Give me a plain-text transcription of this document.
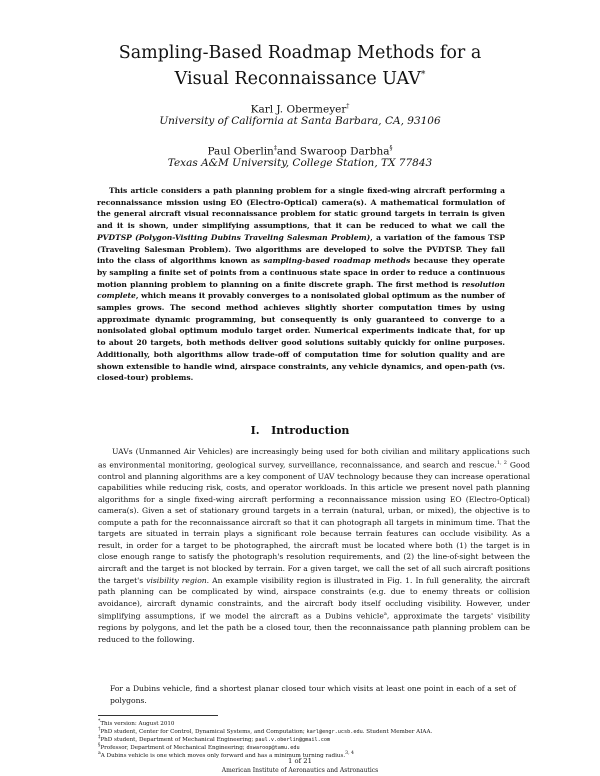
Sampling-Based Roadmap Methods for a
Visual Reconnaissance UAV*
Karl J. Obermeyer†
University of California at Santa Barbara, CA, 93106
Paul Oberlin‡and Swaroop Darbha§
Texas A&M University, College Station, TX 77843
This article considers a path planning problem for a single fixed-wing aircraft performing a reconnaissance mission using EO (Electro-Optical) camera(s). A mathematical formulation of the general aircraft visual reconnaissance problem for static ground targets in terrain is given and it is shown, under simplifying assumptions, that it can be reduced to what we call the PVDTSP (Polygon-Visiting Dubins Traveling Salesman Problem), a variation of the famous TSP (Traveling Salesman Problem). Two algorithms are developed to solve the PVDTSP. They fall into the class of algorithms known as sampling-based roadmap methods because they operate by sampling a finite set of points from a continuous state space in order to reduce a continuous motion planning problem to planning on a finite discrete graph. The first method is resolution complete, which means it provably converges to a nonisolated global optimum as the number of samples grows. The second method achieves slightly shorter computation times by using approximate dynamic programming, but consequently is only guaranteed to converge to a nonisolated global optimum modulo target order. Numerical experiments indicate that, for up to about 20 targets, both methods deliver good solutions suitably quickly for online purposes. Additionally, both algorithms allow trade-off of computation time for solution quality and are shown extensible to handle wind, airspace constraints, any vehicle dynamics, and open-path (vs. closed-tour) problems.
I. Introduction
UAVs (Unmanned Air Vehicles) are increasingly being used for both civilian and military applications such as environmental monitoring, geological survey, surveillance, reconnaissance, and search and rescue.$^{1, 2}$ Good control and planning algorithms are a key component of UAV technology because they can increase operational capabilities while reducing risk, costs, and operator workloads. In this article we present novel path planning algorithms for a single fixed-wing aircraft performing a reconnaissance mission using EO (Electro-Optical) camera(s). Given a set of stationary ground targets in a terrain (natural, urban, or mixed), the objective is to compute a path for the reconnaissance aircraft so that it can photograph all targets in minimum time. That the targets are situated in terrain plays a significant role because terrain features can occlude visibility. As a result, in order for a target to be photographed, the aircraft must be located where both (1) the target is in close enough range to satisfy the photograph's resolution requirements, and (2) the line-of-sight between the aircraft and the target is not blocked by terrain. For a given target, we call the set of all such aircraft positions the target's visibility region. An example visibility region is illustrated in Fig. 1. In full generality, the aircraft path planning can be complicated by wind, airspace constraints (e.g. due to enemy threats or collision avoidance), aircraft dynamic constraints, and the aircraft body itself occluding visibility. However, under simplifying assumptions, if we model the aircraft as a Dubins vehicle$^a$, approximate the targets' visibility regions by polygons, and let the path be a closed tour, then the reconnaissance path planning problem can be reduced to the following.
For a Dubins vehicle, find a shortest planar closed tour which visits at least one point in each of a set of polygons.
*This version: August 2010
†PhD student, Center for Control, Dynamical Systems, and Computation; karl@engr.ucsb.edu. Student Member AIAA.
‡PhD student, Department of Mechanical Engineering; paul.v.oberlin@gmail.com
§Professor, Department of Mechanical Engineering; dswaroop@tamu.edu
$^a$A Dubins vehicle is one which moves only forward and has a minimum turning radius.$^{3, 4}$
1 of 21
American Institute of Aeronautics and Astronautics
